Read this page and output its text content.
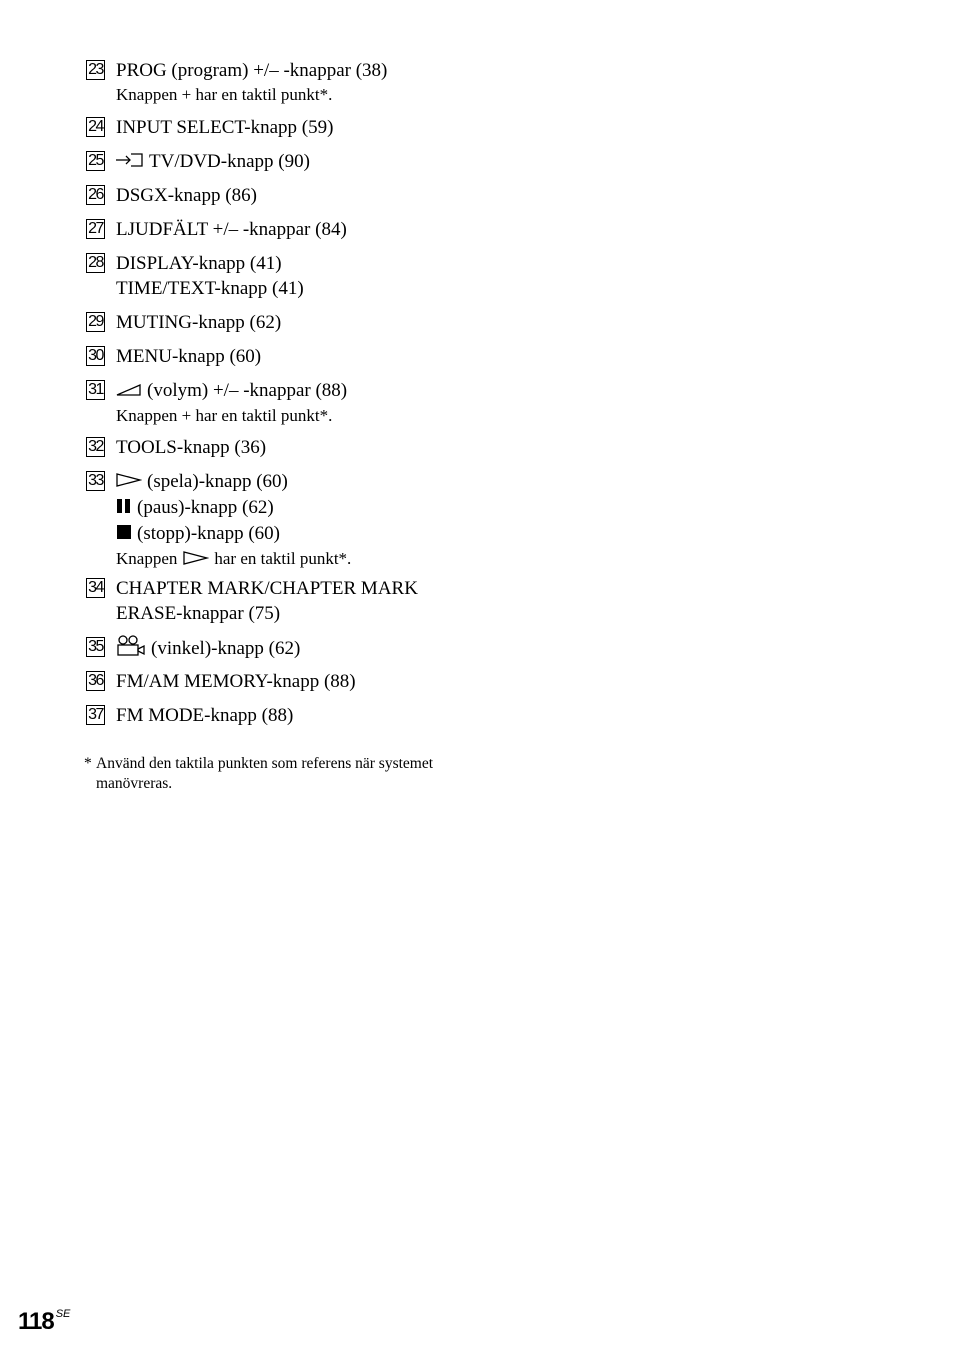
23 PROG (program) +/– -knappar (38)
Knappen + har en taktil punkt*.
24 INPUT SELECT-knapp (59)
25	TV/DVD-knapp (90)
26 DSGX-knapp (86)
27 LJUDFÄLT +/– -knappar (84)
28 DISPLAY-knapp (41)
TIME/TEXT-knapp (41)
29 MUTING-knapp (62)
30 MENU-knapp (60)
31	(volym) +/– -knappar (88)
Knappen + har en taktil punkt*.
32 TOOLS-knapp (36)
33	(spela)-knapp (60)
(paus)-knapp (62)
(stopp)-knapp (60)
Knappen har en taktil punkt*.
34 CHAPTER MARK/CHAPTER MARK
ERASE-knappar (75)
35	(vinkel)-knapp (62)
36 FM/AM MEMORY-knapp (88)
37 FM MODE-knapp (88)
* Använd den taktila punkten som referens när systemet
manövreras.
118 $^{SE}$
